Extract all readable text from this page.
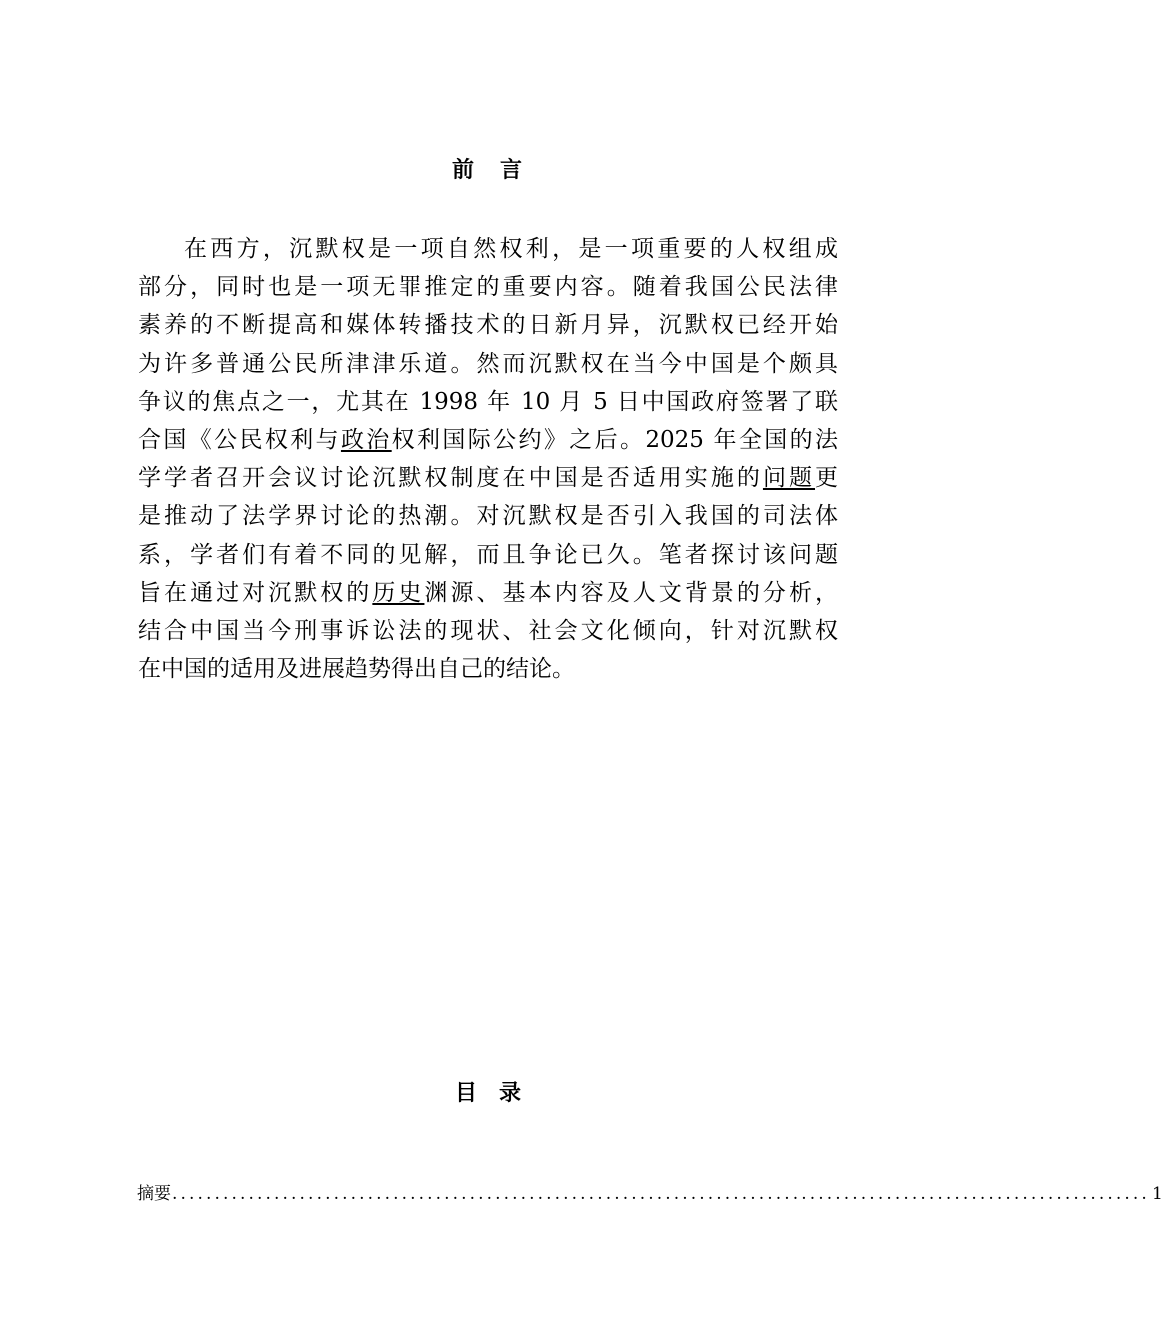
前　言
在西方，沉默权是一项自然权利，是一项重要的人权组成
部分，同时也是一项无罪推定的重要内容。随着我国公民法律
素养的不断提高和媒体转播技术的日新月异，沉默权已经开始
为许多普通公民所津津乐道。然而沉默权在当今中国是个颇具
争议的焦点之一，尤其在 1998 年 10 月 5 日中国政府签署了联
合国《公民权利与政治权利国际公约》之后。2025 年全国的法
学学者召开会议讨论沉默权制度在中国是否适用实施的问题更
是推动了法学界讨论的热潮。对沉默权是否引入我国的司法体
系，学者们有着不同的见解，而且争论已久。笔者探讨该问题
旨在通过对沉默权的历史渊源、基本内容及人文背景的分析，
结合中国当今刑事诉讼法的现状、社会文化倾向，针对沉默权
在中国的适用及进展趋势得出自己的结论。
目　录
摘要 ................................................................................................................... 1
